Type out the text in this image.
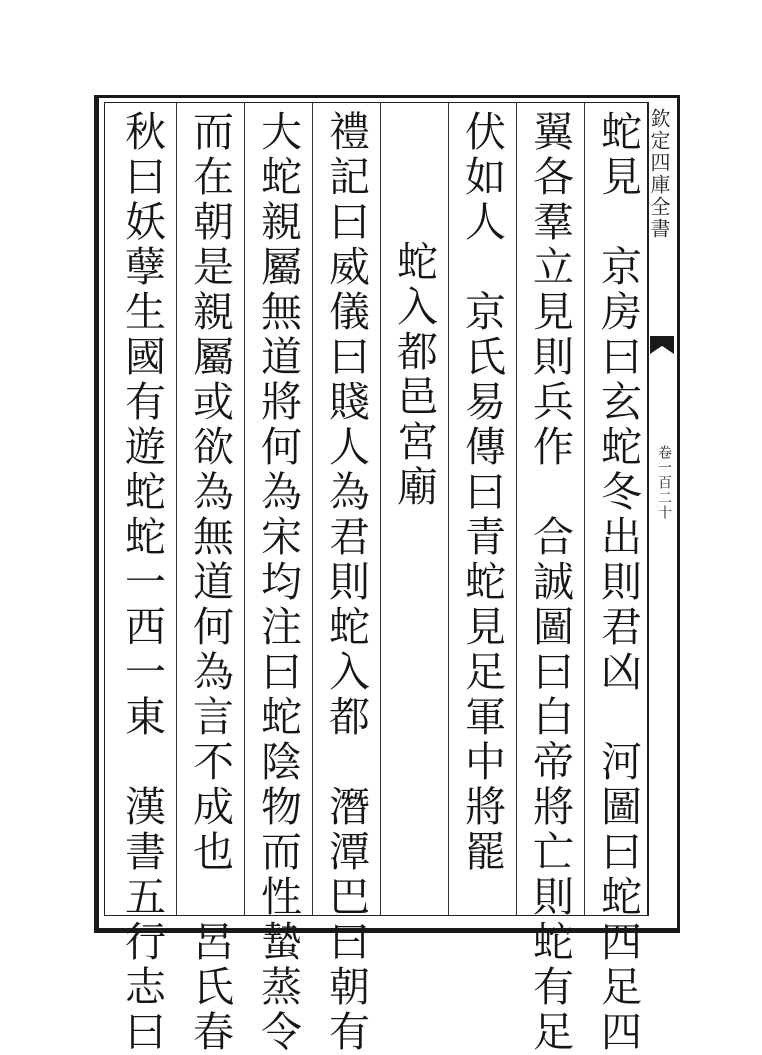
欽定四庫全書
卷一百二十
蛇見　京房曰玄蛇冬出則君凶　河圖曰蛇四足四
翼各羣立見則兵作　合誠圖曰白帝將亡則蛇有足
伏如人　京氏易傳曰青蛇見足軍中將罷
蛇入都邑宮廟
禮記曰威儀曰賤人為君則蛇入都　潛潭巴曰朝有
大蛇親屬無道將何為宋均注曰蛇陰物而性蟄蒸令
而在朝是親屬或欲為無道何為言不成也　呂氏春
秋曰妖孽生國有遊蛇蛇一西一東　漢書五行志曰
